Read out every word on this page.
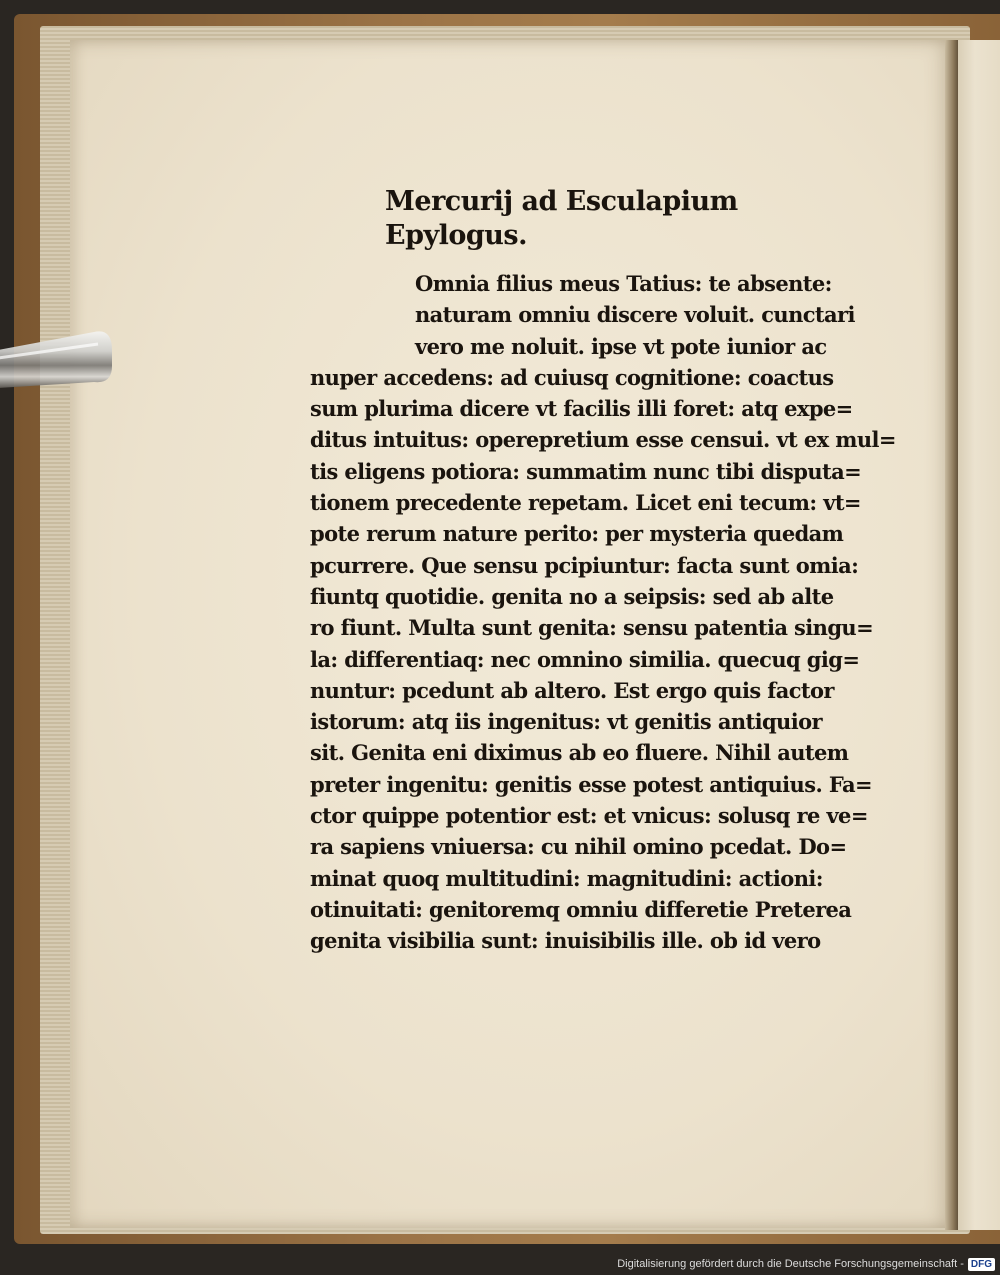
Mercurij ad Esculapium
Epylogus.
Omnia filius meus Tatius: te absente:
naturam omniu discere voluit. cunctari
vero me noluit. ipse vt pote iunior ac
nuper accedens: ad cuiusq cognitione: coactus
sum plurima dicere vt facilis illi foret: atq expe=
ditus intuitus: operepretium esse censui. vt ex mul=
tis eligens potiora: summatim nunc tibi disputa=
tionem precedente repetam. Licet eni tecum: vt=
pote rerum nature perito: per mysteria quedam
pcurrere. Que sensu pcipiuntur: facta sunt omia:
fiuntq quotidie. genita no a seipsis: sed ab alte
ro fiunt. Multa sunt genita: sensu patentia singu=
la: differentiaq: nec omnino similia. quecuq gig=
nuntur: pcedunt ab altero. Est ergo quis factor
istorum: atq iis ingenitus: vt genitis antiquior
sit. Genita eni diximus ab eo fluere. Nihil autem
preter ingenitu: genitis esse potest antiquius. Fa=
ctor quippe potentior est: et vnicus: solusq re ve=
ra sapiens vniuersa: cu nihil omino pcedat. Do=
minat quoq multitudini: magnitudini: actioni:
otinuitati: genitoremq omniu differetie Preterea
genita visibilia sunt: inuisibilis ille. ob id vero
Digitalisierung gefördert durch die Deutsche Forschungsgemeinschaft - DFG
